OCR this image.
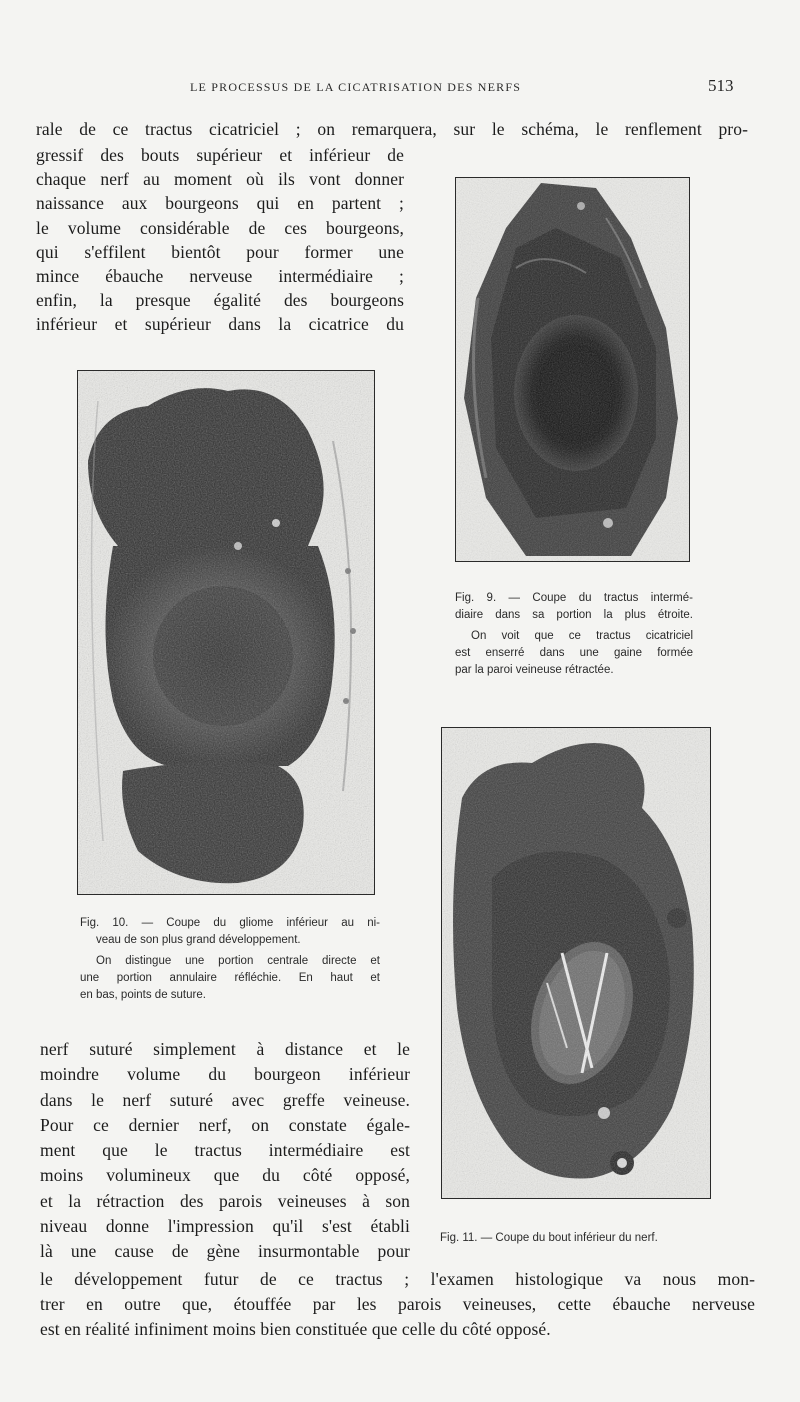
LE PROCESSUS DE LA CICATRISATION DES NERFS	513
rale de ce tractus cicatriciel ; on remarquera, sur le schéma, le renflement pro-
gressif des bouts supérieur et inférieur de
chaque nerf au moment où ils vont donner
naissance aux bourgeons qui en partent ;
le volume considérable de ces bourgeons,
qui s'effilent bientôt pour former une
mince ébauche nerveuse intermédiaire ;
enfin, la presque égalité des bourgeons
inférieur et supérieur dans la cicatrice du
Fig. 9. — Coupe du tractus intermé-
diaire dans sa portion la plus étroite.
On voit que ce tractus cicatriciel
est enserré dans une gaine formée
par la paroi veineuse rétractée.
Fig. 10. — Coupe du gliome inférieur au ni-
veau de son plus grand développement.
On distingue une portion centrale directe et
une portion annulaire réfléchie. En haut et
en bas, points de suture.
Fig. 11. — Coupe du bout inférieur du nerf.
nerf suturé simplement à distance et le
moindre volume du bourgeon inférieur
dans le nerf suturé avec greffe veineuse.
Pour ce dernier nerf, on constate égale-
ment que le tractus intermédiaire est
moins volumineux que du côté opposé,
et la rétraction des parois veineuses à son
niveau donne l'impression qu'il s'est établi
là une cause de gène insurmontable pour
le développement futur de ce tractus ; l'examen histologique va nous mon-
trer en outre que, étouffée par les parois veineuses, cette ébauche nerveuse
est en réalité infiniment moins bien constituée que celle du côté opposé.
